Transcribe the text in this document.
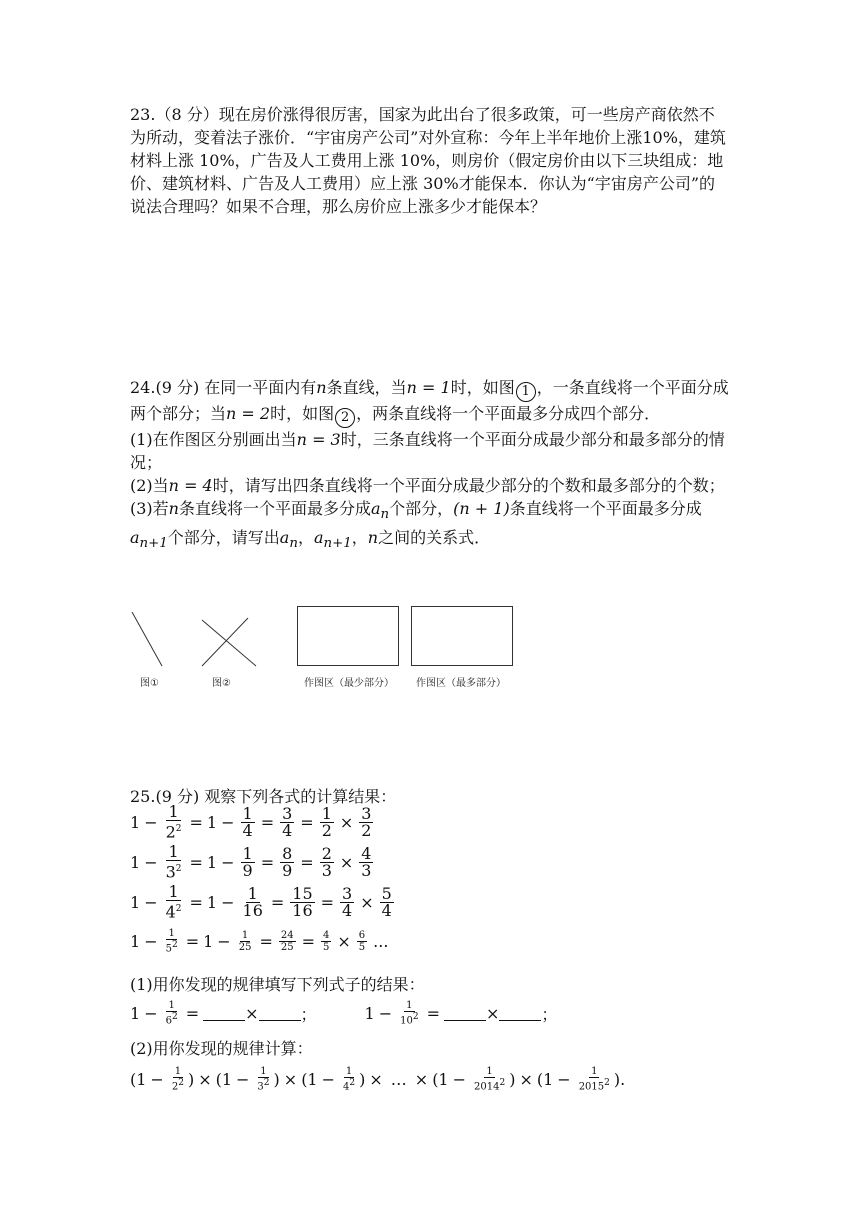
23.（8 分）现在房价涨得很厉害，国家为此出台了很多政策，可一些房产商依然不为所动，变着法子涨价．“宇宙房产公司”对外宣称：今年上半年地价上涨10%，建筑材料上涨 10%，广告及人工费用上涨 10%，则房价（假定房价由以下三块组成：地价、建筑材料、广告及人工费用）应上涨 30%才能保本．你认为“宇宙房产公司”的说法合理吗？如果不合理，那么房价应上涨多少才能保本？

24.(9 分) 在同一平面内有n条直线，当n = 1时，如图 1 ，一条直线将一个平面分成两个部分；当n = 2时，如图 2 ，两条直线将一个平面最多分成四个部分．

(1)在作图区分别画出当n = 3时，三条直线将一个平面分成最少部分和最多部分的情况；

(2)当n = 4时，请写出四条直线将一个平面分成最少部分的个数和最多部分的个数；

(3)若n条直线将一个平面最多分成$a_n$个部分，(n + 1)条直线将一个平面最多分成$a_{n+1}$个部分，请写出$a_n$，$a_{n+1}$，n之间的关系式．

图①	图②	作图区（最少部分） 作图区（最多部分）
25.(9 分) 观察下列各式的计算结果：
$1 - \frac{1}{2^2} = 1 - \frac{1}{4} = \frac{3}{4} = \frac{1}{2} \times \frac{3}{2}$
$1 - \frac{1}{3^2} = 1 - \frac{1}{9} = \frac{8}{9} = \frac{2}{3} \times \frac{4}{3}$
$1 - \frac{1}{4^2} = 1 - \frac{1}{16} = \frac{15}{16} = \frac{3}{4} \times \frac{5}{4}$
$1 - \frac{1}{5^2} = 1 - \frac{1}{25} = \frac{24}{25} = \frac{4}{5} \times \frac{6}{5}$ ...
(1)用你发现的规律填写下列式子的结果：
$1 - \frac{1}{6^2}$ =	×	；	$1 - \frac{1}{10^2}$ =	×	；
(2)用你发现的规律计算：
($1 - \frac{1}{2^2}$ ) × ($1 - \frac{1}{3^2}$ ) × ($1 - \frac{1}{4^2}$ ) × … × ($1 - \frac{1}{2014^2}$ ) × ($1 - \frac{1}{2015^2}$ ) .
